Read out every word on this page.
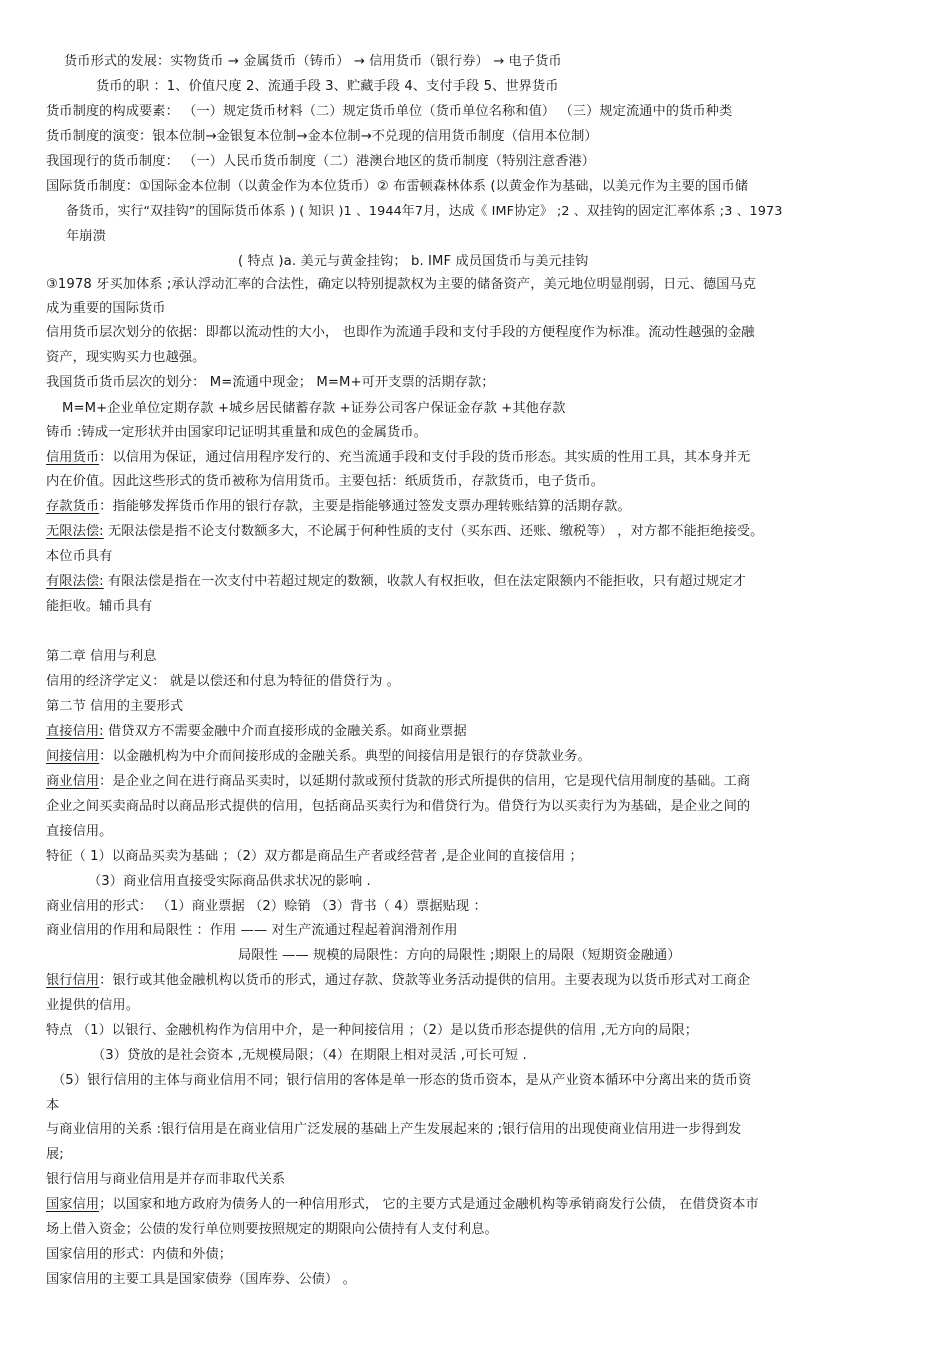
货币形式的发展：实物货币 → 金属货币（铸币） → 信用货币（银行券） → 电子货币
货币的职 ：1、价值尺度 2、流通手段 3、贮藏手段 4、支付手段 5、世界货币
货币制度的构成要素： （一）规定货币材料（二）规定货币单位（货币单位名称和值） （三）规定流通中的货币种类
货币制度的演变：银本位制→金银复本位制→金本位制→不兑现的信用货币制度（信用本位制）
我国现行的货币制度： （一）人民币货币制度（二）港澳台地区的货币制度（特别注意香港）
国际货币制度：①国际金本位制（以黄金作为本位货币）② 布雷顿森林体系 (以黄金作为基础，以美元作为主要的国币储
备货币，实行“双挂钩”的国际货币体系 ) ( 知识 )1 、1944年7月，达成《 IMF协定》 ;2 、双挂钩的固定汇率体系 ;3 、1973
年崩溃
( 特点 )a. 美元与黄金挂钩； b. IMF 成员国货币与美元挂钩
③1978 牙买加体系 ;承认浮动汇率的合法性，确定以特别提款权为主要的储备资产，美元地位明显削弱，日元、德国马克
成为重要的国际货币
信用货币层次划分的依据：即都以流动性的大小， 也即作为流通手段和支付手段的方便程度作为标准。流动性越强的金融
资产，现实购买力也越强。
我国货币货币层次的划分： M=流通中现金； M=M+可开支票的活期存款；
M=M+企业单位定期存款 +城乡居民储蓄存款 +证券公司客户保证金存款 +其他存款
铸币 :铸成一定形状并由国家印记证明其重量和成色的金属货币。
信用货币：以信用为保证，通过信用程序发行的、充当流通手段和支付手段的货币形态。其实质的性用工具，其本身并无
内在价值。因此这些形式的货币被称为信用货币。主要包括：纸质货币，存款货币，电子货币。
存款货币：指能够发挥货币作用的银行存款，主要是指能够通过签发支票办理转账结算的活期存款。
无限法偿: 无限法偿是指不论支付数额多大，不论属于何种性质的支付（买东西、还账、缴税等） ，对方都不能拒绝接受。
本位币具有
有限法偿: 有限法偿是指在一次支付中若超过规定的数额，收款人有权拒收，但在法定限额内不能拒收，只有超过规定才
能拒收。辅币具有
第二章 信用与利息
信用的经济学定义： 就是以偿还和付息为特征的借贷行为 。
第二节 信用的主要形式
直接信用: 借贷双方不需要金融中介而直接形成的金融关系。如商业票据
间接信用：以金融机构为中介而间接形成的金融关系。典型的间接信用是银行的存贷款业务。
商业信用：是企业之间在进行商品买卖时，以延期付款或预付货款的形式所提供的信用，它是现代信用制度的基础。工商
企业之间买卖商品时以商品形式提供的信用，包括商品买卖行为和借贷行为。借贷行为以买卖行为为基础，是企业之间的
直接信用。
特征（ 1）以商品买卖为基础 ；（2）双方都是商品生产者或经营者 ,是企业间的直接信用 ；
（3）商业信用直接受实际商品供求状况的影响 .
商业信用的形式： （1）商业票据 （2）赊销 （3）背书（ 4）票据贴现 ：
商业信用的作用和局限性 ：作用 —— 对生产流通过程起着润滑剂作用
局限性 —— 规模的局限性：方向的局限性 ;期限上的局限（短期资金融通）
银行信用：银行或其他金融机构以货币的形式，通过存款、贷款等业务活动提供的信用。主要表现为以货币形式对工商企
业提供的信用。
特点 （1）以银行、金融机构作为信用中介，是一种间接信用 ；（2）是以货币形态提供的信用 ,无方向的局限；
（3）贷放的是社会资本 ,无规模局限；（4）在期限上相对灵活 ,可长可短 .
（5）银行信用的主体与商业信用不同；银行信用的客体是单一形态的货币资本，是从产业资本循环中分离出来的货币资
本
与商业信用的关系 :银行信用是在商业信用广泛发展的基础上产生发展起来的 ;银行信用的出现使商业信用进一步得到发
展;
银行信用与商业信用是并存而非取代关系
国家信用；以国家和地方政府为债务人的一种信用形式， 它的主要方式是通过金融机构等承销商发行公债， 在借贷资本市
场上借入资金；公债的发行单位则要按照规定的期限向公债持有人支付利息。
国家信用的形式：内债和外债；
国家信用的主要工具是国家债券（国库券、公债） 。
